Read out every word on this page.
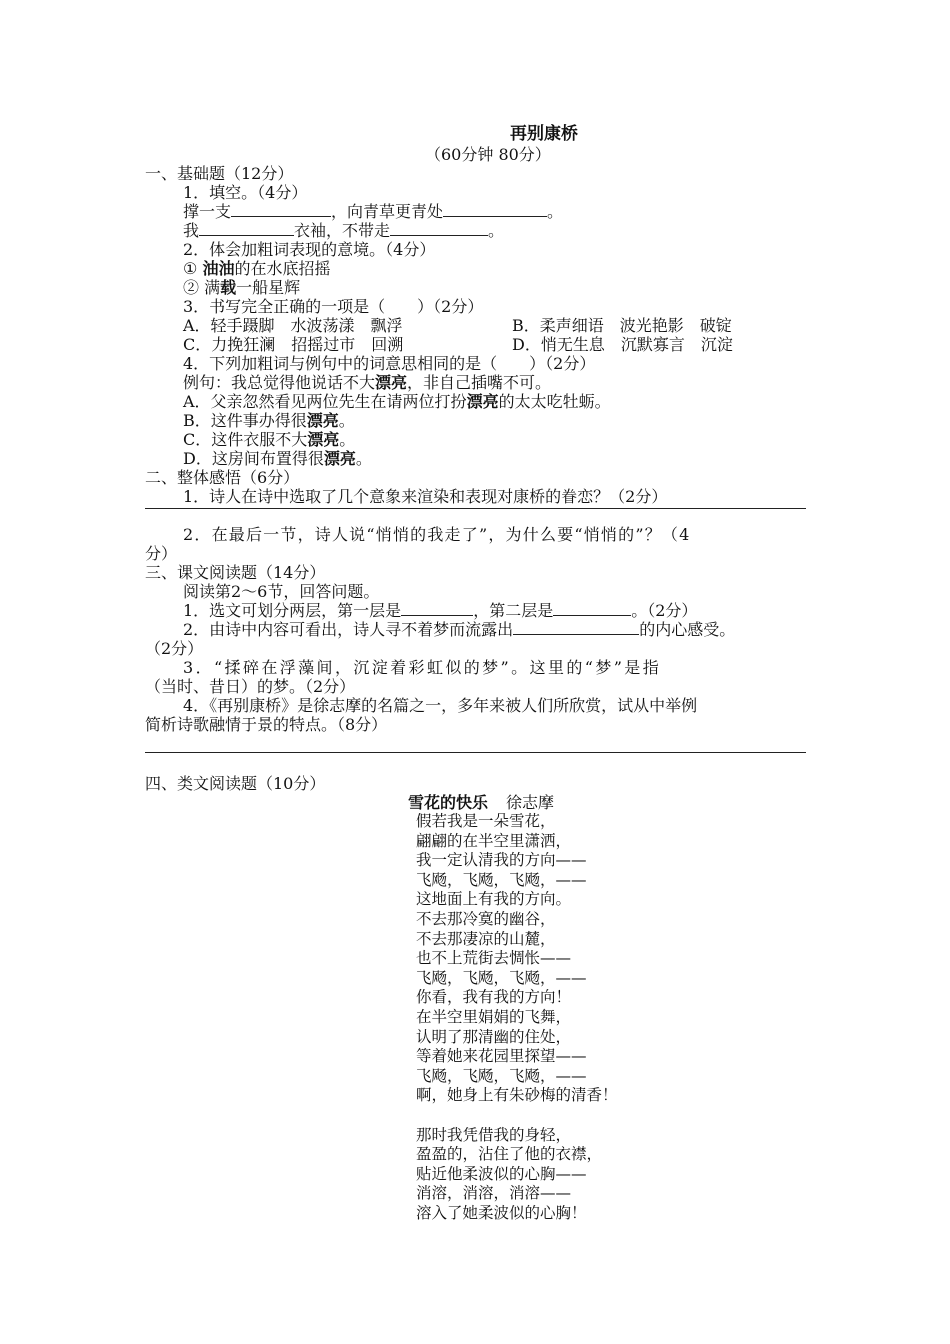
再别康桥
（60分钟 80分）
一、基础题（12分）
1．填空。（4分）
撑一支	，向青草更青处	。
我	衣袖，不带走	。
2．体会加粗词表现的意境。（4分）
① 油油的在水底招摇
② 满载一船星辉
3．书写完全正确的一项是（　　）（2分）
A．轻手蹑脚　水波荡漾　飘浮	B．柔声细语　波光艳影　破锭
C．力挽狂澜　招摇过市　回溯	D．悄无生息　沉默寡言　沉淀
4．下列加粗词与例句中的词意思相同的是（　　）（2分）
例句：我总觉得他说话不大漂亮，非自己插嘴不可。
A．父亲忽然看见两位先生在请两位打扮漂亮的太太吃牡蛎。
B．这件事办得很漂亮。
C．这件衣服不大漂亮。
D．这房间布置得很漂亮。
二、整体感悟（6分）
1．诗人在诗中选取了几个意象来渲染和表现对康桥的眷恋？（2分）
2．在最后一节，诗人说“悄悄的我走了”，为什么要“悄悄的”？（4
分）
三、课文阅读题（14分）
阅读第2～6节，回答问题。
1．选文可划分两层，第一层是	，第二层是	。（2分）
2．由诗中内容可看出，诗人寻不着梦而流露出	的内心感受。
（2分）
3．“揉碎在浮藻间，沉淀着彩虹似的梦”。这里的“梦”是指
（当时、昔日）的梦。（2分）
4．《再别康桥》是徐志摩的名篇之一，多年来被人们所欣赏，试从中举例
简析诗歌融情于景的特点。（8分）
四、类文阅读题（10分）
雪花的快乐 徐志摩
假若我是一朵雪花，
翩翩的在半空里潇洒，
我一定认清我的方向——
飞飏，飞飏，飞飏，——
这地面上有我的方向。
不去那冷寞的幽谷，
不去那凄凉的山麓，
也不上荒街去惆怅——
飞飏，飞飏，飞飏，——
你看，我有我的方向！
在半空里娟娟的飞舞，
认明了那清幽的住处，
等着她来花园里探望——
飞飏，飞飏，飞飏，——
啊，她身上有朱砂梅的清香！
那时我凭借我的身轻，
盈盈的，沾住了他的衣襟，
贴近他柔波似的心胸——
消溶，消溶，消溶——
溶入了她柔波似的心胸！
